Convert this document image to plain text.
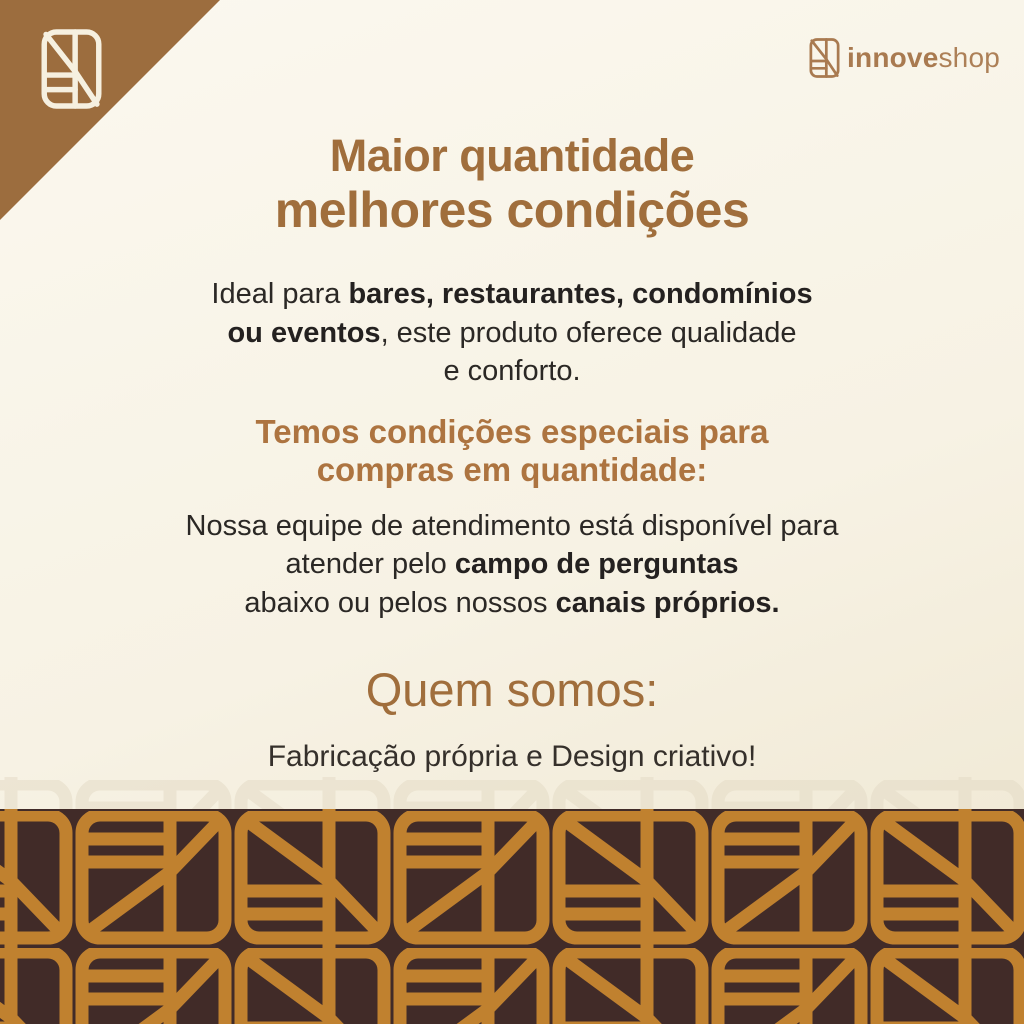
innoveshop
Maior quantidade
melhores condições

Ideal para bares, restaurantes, condomínios
ou eventos, este produto oferece qualidade
e conforto.

Temos condições especiais para
compras em quantidade:

Nossa equipe de atendimento está disponível para
atender pelo campo de perguntas
abaixo ou pelos nossos canais próprios.

Quem somos:

Fabricação própria e Design criativo!
